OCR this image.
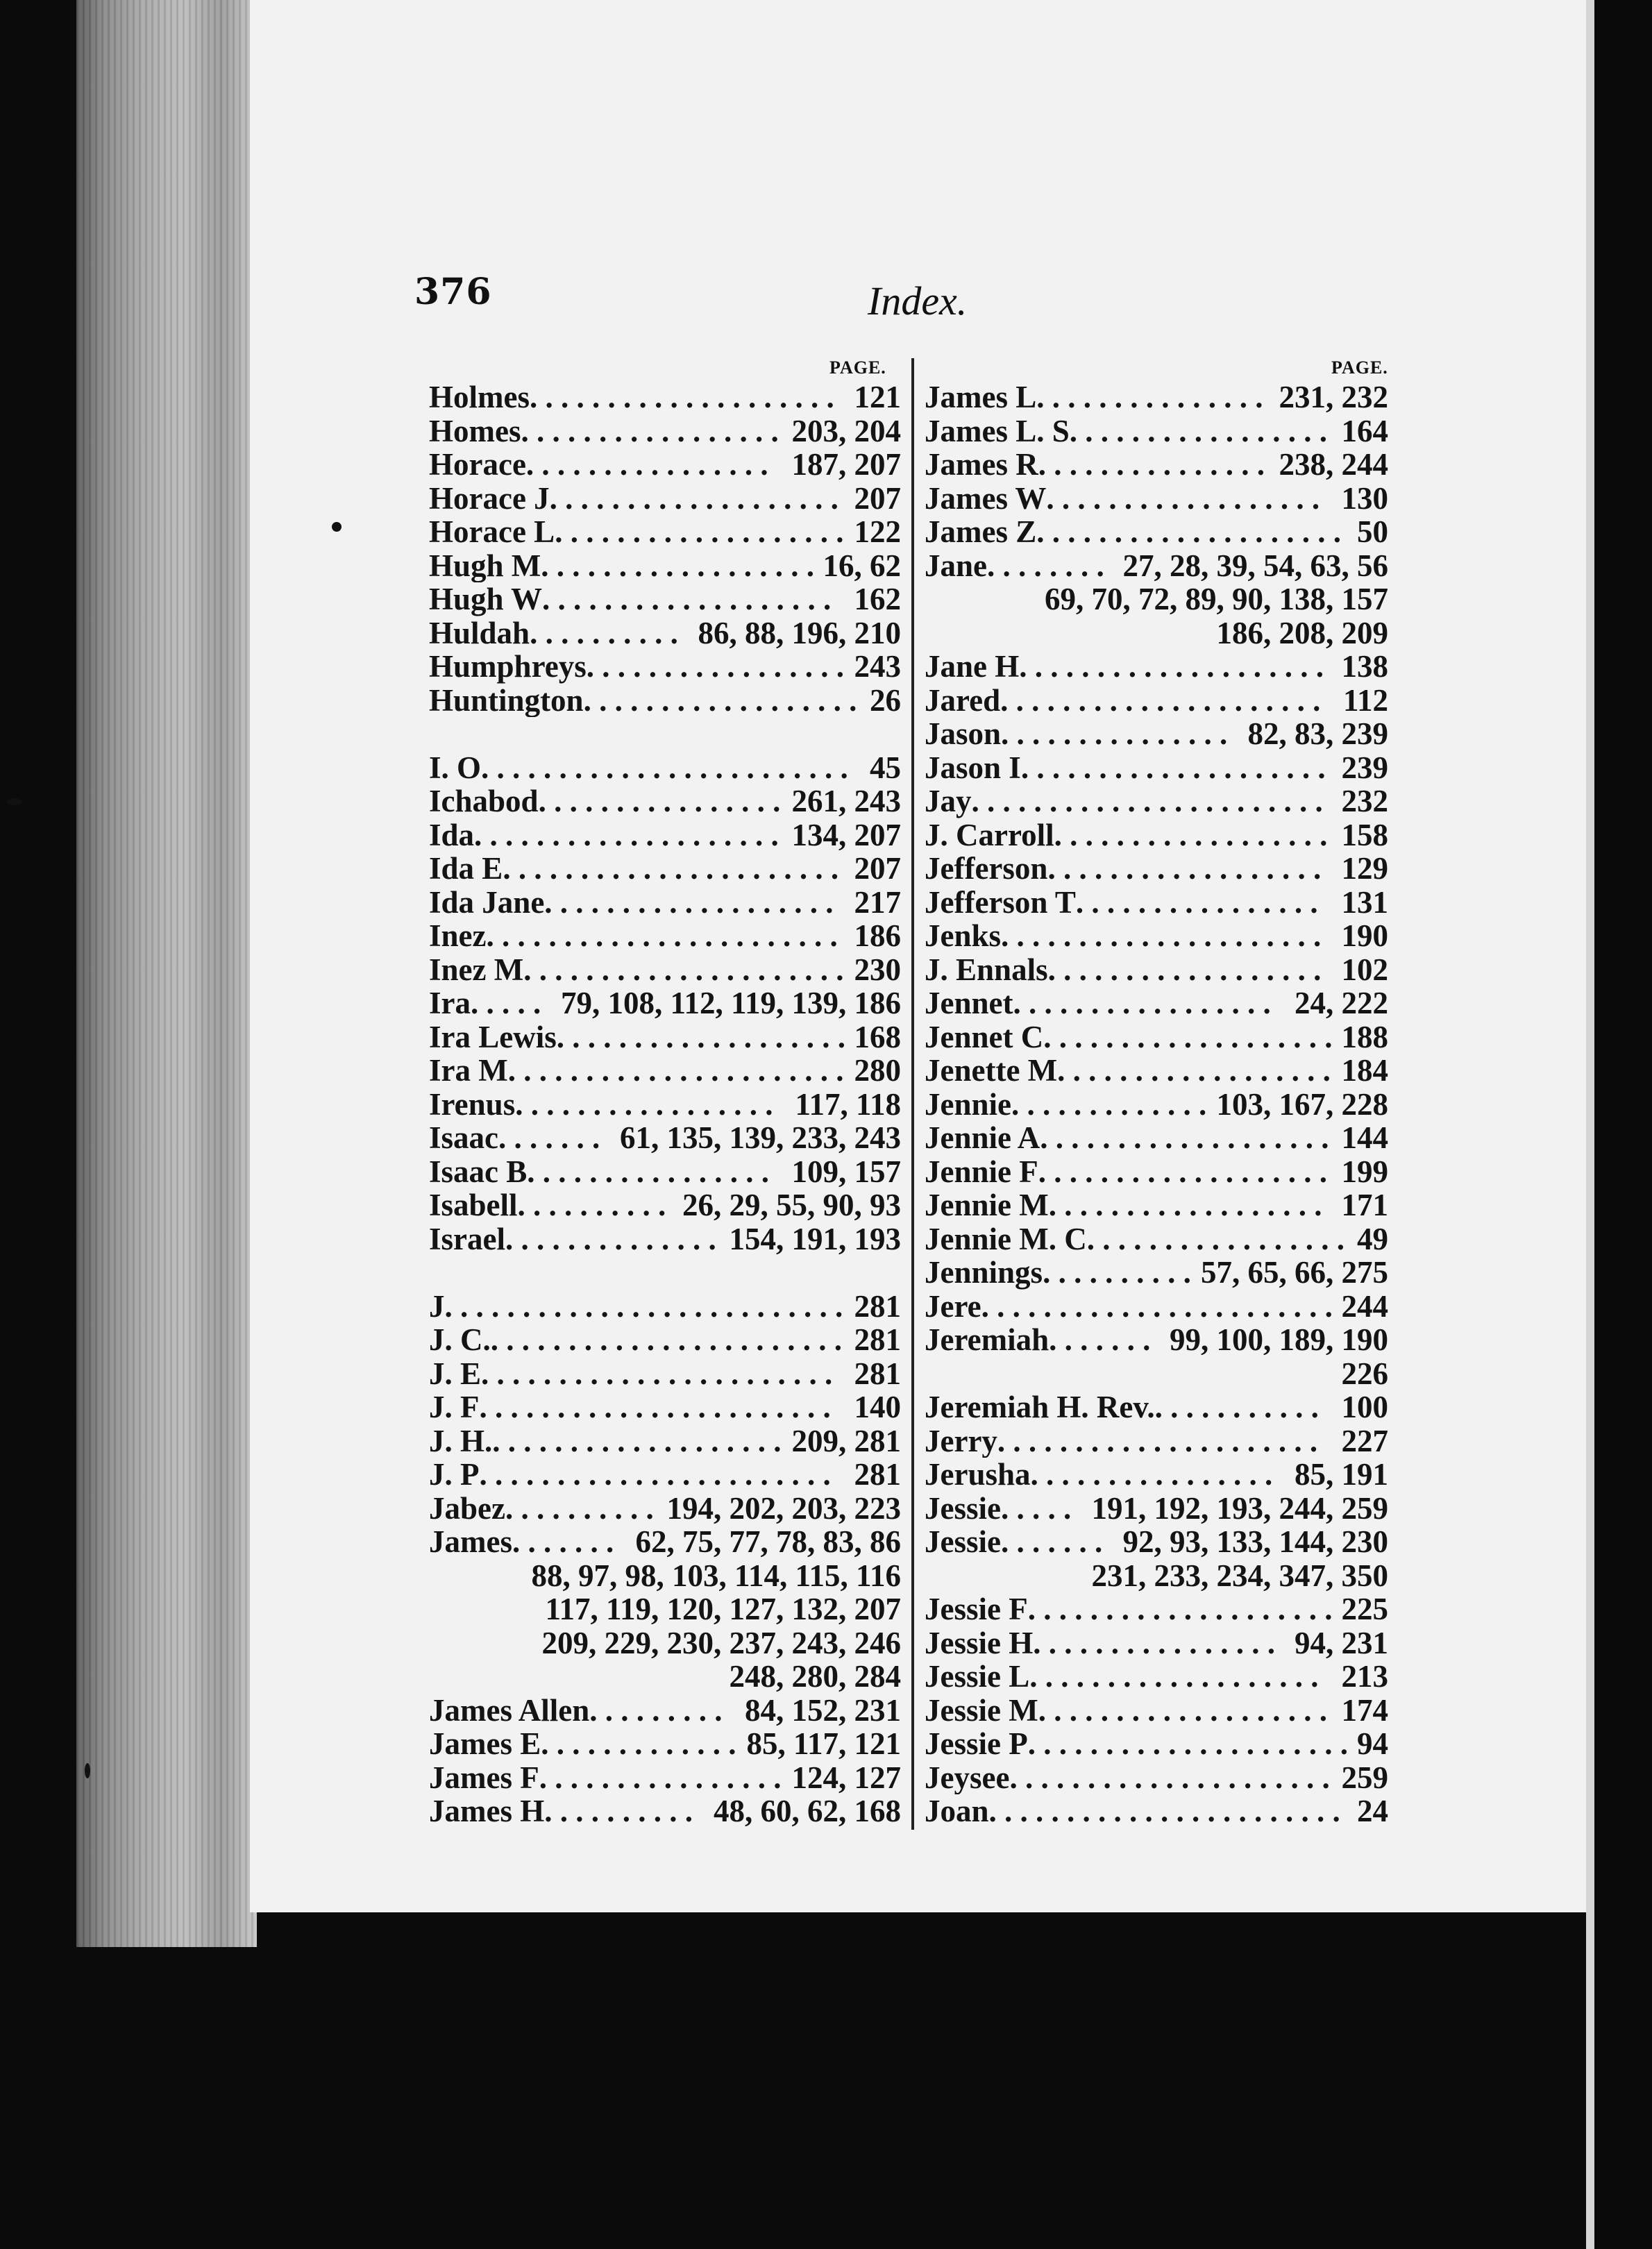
376	Index.
PAGE.	PAGE.
Holmes . . . . . . . . . . . . . . . . . . . . 121
Homes . . . . . . . . . . . . . . . . . 203, 204
Horace . . . . . . . . . . . . . . . . 187, 207
Horace J . . . . . . . . . . . . . . . . . . . 207
Horace L . . . . . . . . . . . . . . . . . . . 122
Hugh M . . . . . . . . . . . . . . . . . . 16, 62
Hugh W . . . . . . . . . . . . . . . . . . . 162
Huldah . . . . . . . . . . 86, 88, 196, 210
Humphreys . . . . . . . . . . . . . . . . . 243
Huntington . . . . . . . . . . . . . . . . . . 26
I. O . . . . . . . . . . . . . . . . . . . . . . . . 45
Ichabod . . . . . . . . . . . . . . . . 261, 243
Ida . . . . . . . . . . . . . . . . . . . . 134, 207
Ida E . . . . . . . . . . . . . . . . . . . . . . 207
Ida Jane . . . . . . . . . . . . . . . . . . . 217
Inez . . . . . . . . . . . . . . . . . . . . . . . 186
Inez M . . . . . . . . . . . . . . . . . . . . . 230
Ira . . . . . 79, 108, 112, 119, 139, 186
Ira Lewis . . . . . . . . . . . . . . . . . . . 168
Ira M . . . . . . . . . . . . . . . . . . . . . . 280
Irenus . . . . . . . . . . . . . . . . . 117, 118
Isaac . . . . . . . 61, 135, 139, 233, 243
Isaac B . . . . . . . . . . . . . . . . 109, 157
Isabell . . . . . . . . . . 26, 29, 55, 90, 93
Israel . . . . . . . . . . . . . . 154, 191, 193
J . . . . . . . . . . . . . . . . . . . . . . . . . . 281
J. C. . . . . . . . . . . . . . . . . . . . . . . . 281
J. E . . . . . . . . . . . . . . . . . . . . . . . 281
J. F . . . . . . . . . . . . . . . . . . . . . . . 140
J. H. . . . . . . . . . . . . . . . . . . . 209, 281
J. P . . . . . . . . . . . . . . . . . . . . . . . 281
Jabez . . . . . . . . . . 194, 202, 203, 223
James . . . . . . . 62, 75, 77, 78, 83, 86
88, 97, 98, 103, 114, 115, 116
117, 119, 120, 127, 132, 207
209, 229, 230, 237, 243, 246
248, 280, 284
James Allen . . . . . . . . . 84, 152, 231
James E . . . . . . . . . . . . . 85, 117, 121
James F . . . . . . . . . . . . . . . . 124, 127
James H . . . . . . . . . . 48, 60, 62, 168
James L . . . . . . . . . . . . . . . 231, 232
James L. S . . . . . . . . . . . . . . . . . 164
James R . . . . . . . . . . . . . . . 238, 244
James W . . . . . . . . . . . . . . . . . . 130
James Z . . . . . . . . . . . . . . . . . . . . 50
Jane . . . . . . . . 27, 28, 39, 54, 63, 56
69, 70, 72, 89, 90, 138, 157
186, 208, 209
Jane H . . . . . . . . . . . . . . . . . . . . 138
Jared . . . . . . . . . . . . . . . . . . . . . 112
Jason . . . . . . . . . . . . . . . 82, 83, 239
Jason I . . . . . . . . . . . . . . . . . . . . 239
Jay . . . . . . . . . . . . . . . . . . . . . . . 232
J. Carroll . . . . . . . . . . . . . . . . . . 158
Jefferson . . . . . . . . . . . . . . . . . . 129
Jefferson T . . . . . . . . . . . . . . . . 131
Jenks . . . . . . . . . . . . . . . . . . . . . 190
J. Ennals . . . . . . . . . . . . . . . . . . 102
Jennet . . . . . . . . . . . . . . . . . 24, 222
Jennet C . . . . . . . . . . . . . . . . . . . 188
Jenette M . . . . . . . . . . . . . . . . . . 184
Jennie . . . . . . . . . . . . . 103, 167, 228
Jennie A . . . . . . . . . . . . . . . . . . . 144
Jennie F . . . . . . . . . . . . . . . . . . . 199
Jennie M . . . . . . . . . . . . . . . . . . 171
Jennie M. C . . . . . . . . . . . . . . . . . 49
Jennings . . . . . . . . . . 57, 65, 66, 275
Jere . . . . . . . . . . . . . . . . . . . . . . . 244
Jeremiah . . . . . . . 99, 100, 189, 190
226
Jeremiah H. Rev. . . . . . . . . . . . 100
Jerry . . . . . . . . . . . . . . . . . . . . . 227
Jerusha . . . . . . . . . . . . . . . . 85, 191
Jessie . . . . . 191, 192, 193, 244, 259
Jessie . . . . . . . 92, 93, 133, 144, 230
231, 233, 234, 347, 350
Jessie F . . . . . . . . . . . . . . . . . . . . 225
Jessie H . . . . . . . . . . . . . . . . 94, 231
Jessie L . . . . . . . . . . . . . . . . . . . 213
Jessie M . . . . . . . . . . . . . . . . . . . 174
Jessie P . . . . . . . . . . . . . . . . . . . . . 94
Jeysee . . . . . . . . . . . . . . . . . . . . . 259
Joan . . . . . . . . . . . . . . . . . . . . . . . 24
